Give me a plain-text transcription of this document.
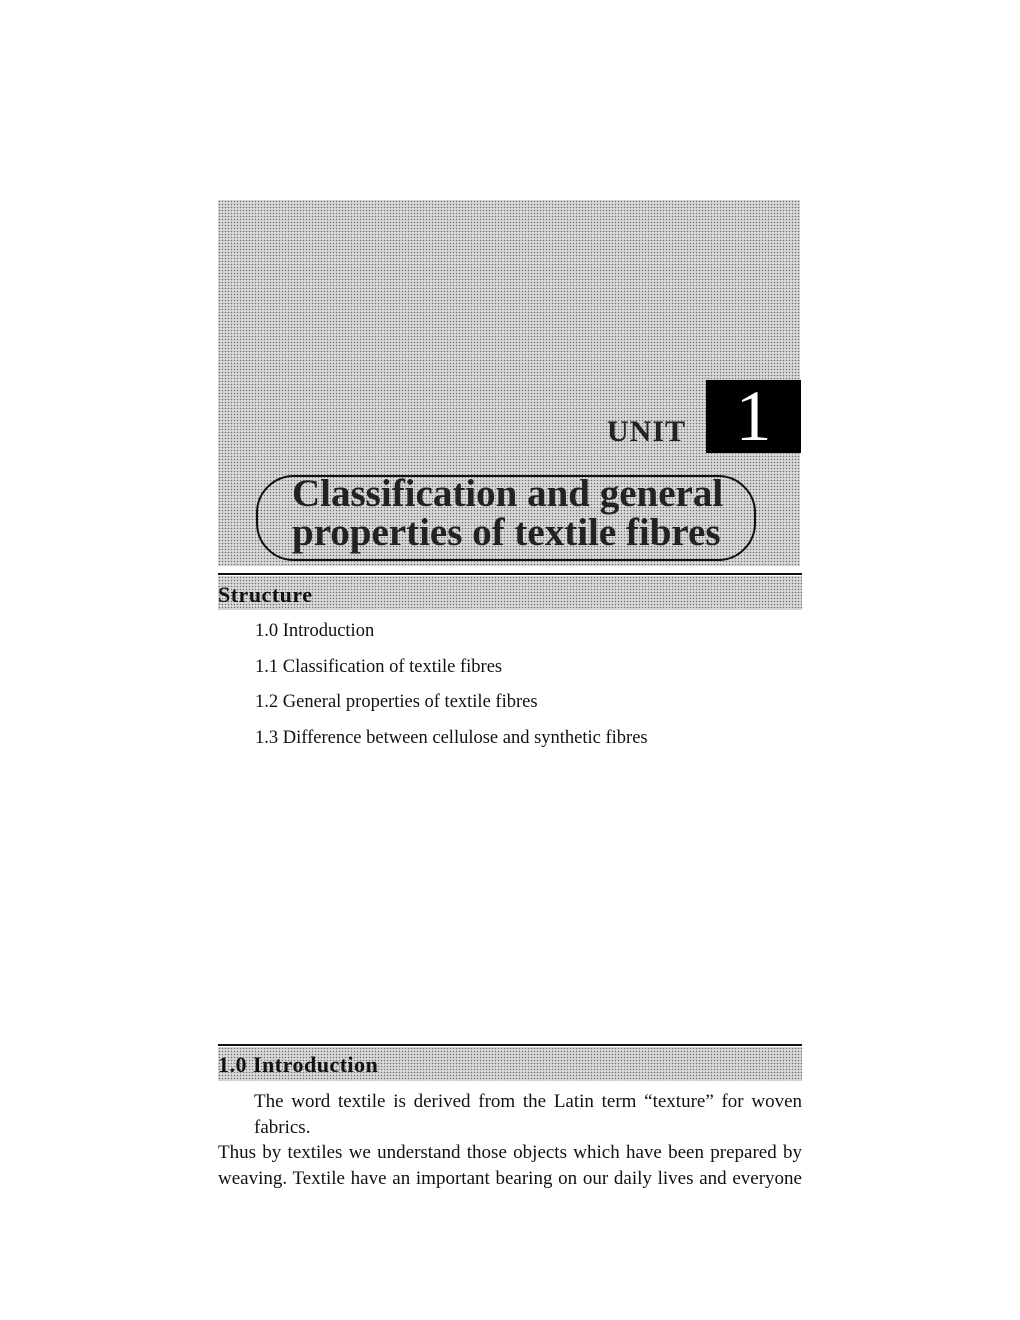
UNIT 1
Classification and general
properties of textile fibres
Structure
1.0 Introduction
1.1 Classification of textile fibres
1.2 General properties of textile fibres
1.3 Difference between cellulose and synthetic fibres
1.0 Introduction
The word textile is derived from the Latin term “texture” for woven fabrics.
Thus by textiles we understand those objects which have been prepared by
weaving. Textile have an important bearing on our daily lives and everyone
